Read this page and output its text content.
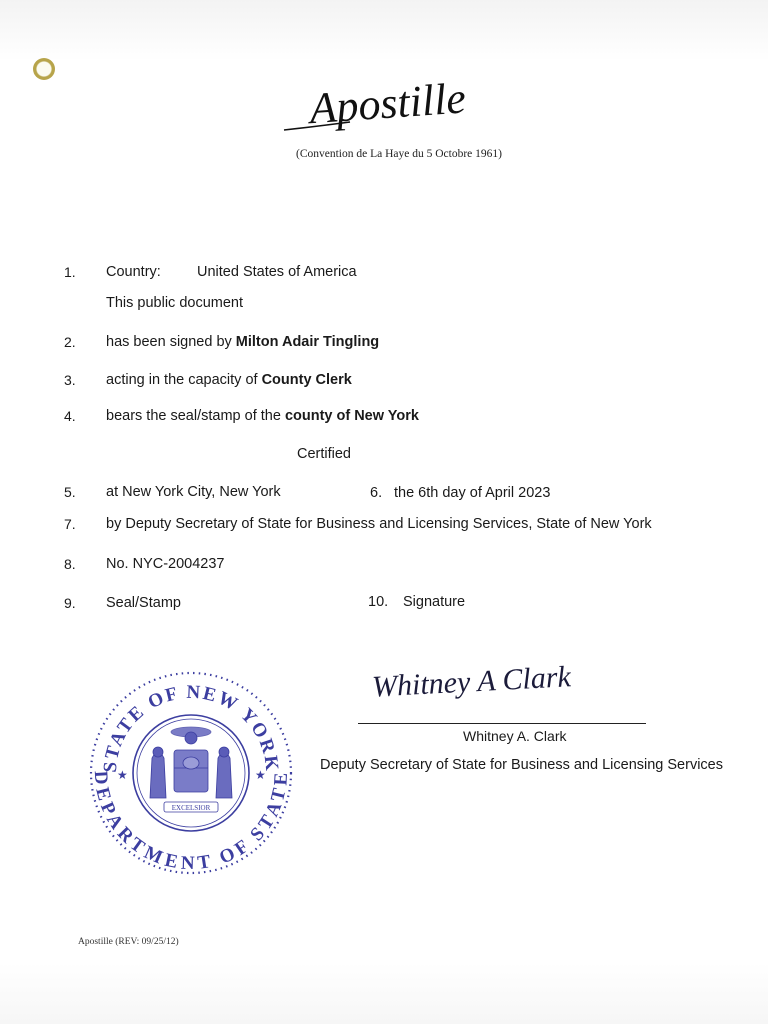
Apostille
(Convention de La Haye du 5 Octobre 1961)
1. Country: United States of America
This public document
2. has been signed by Milton Adair Tingling
3. acting in the capacity of County Clerk
4. bears the seal/stamp of the county of New York
Certified
5. at New York City, New York	6. the 6th day of April 2023
7. by Deputy Secretary of State for Business and Licensing Services, State of New York
8. No. NYC-2004237
9. Seal/Stamp	10. Signature
STATE OF NEW YORK
DEPARTMENT OF STATE
★	★
EXCELSIOR
Whitney A Clark
Whitney A. Clark
Deputy Secretary of State for Business and Licensing Services
Apostille (REV: 09/25/12)
